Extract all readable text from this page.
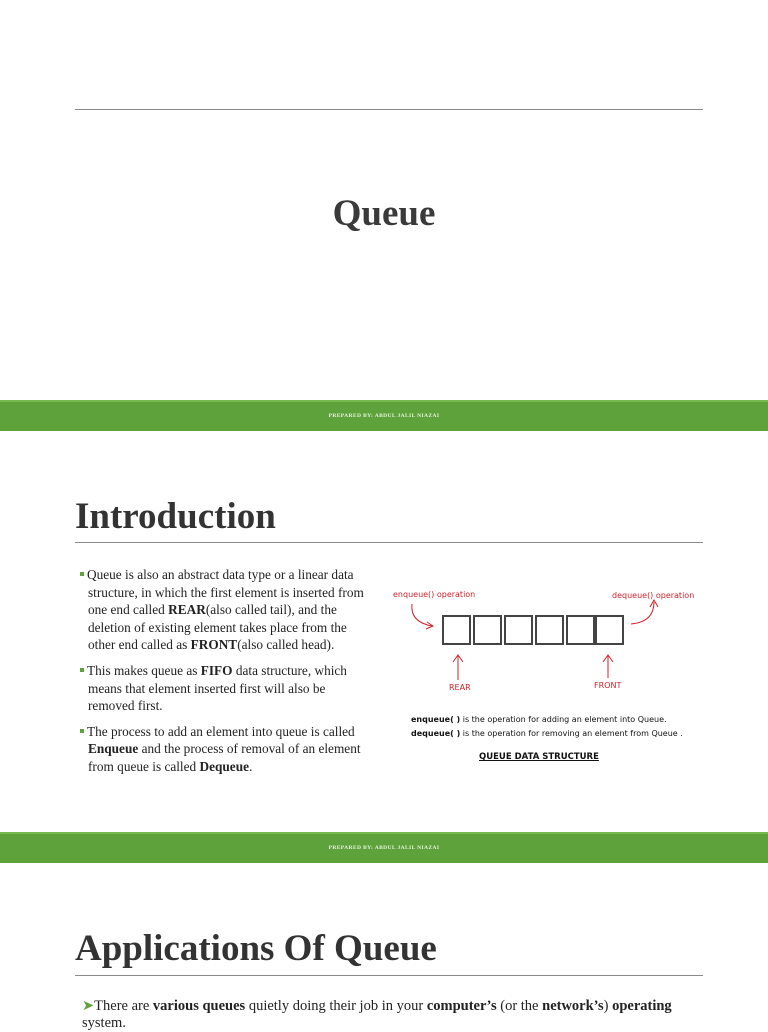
Queue
PREPARED BY: ABDUL JALIL NIAZAI
Introduction

Queue is also an abstract data type or a linear data structure, in which the first element is inserted from one end called REAR(also called tail), and the deletion of existing element takes place from the other end called as FRONT(also called head).

This makes queue as FIFO data structure, which means that element inserted first will also be removed first.

The process to add an element into queue is called Enqueue and the process of removal of an element from queue is called Dequeue.

enqueue() operation	dequeue() operation
REAR	FRONT
enqueue( ) is the operation for adding an element into Queue.
dequeue( ) is the operation for removing an element from Queue .
QUEUE DATA STRUCTURE
PREPARED BY: ABDUL JALIL NIAZAI
Applications Of Queue
➤There are various queues quietly doing their job in your computer’s (or the network’s) operating system.
